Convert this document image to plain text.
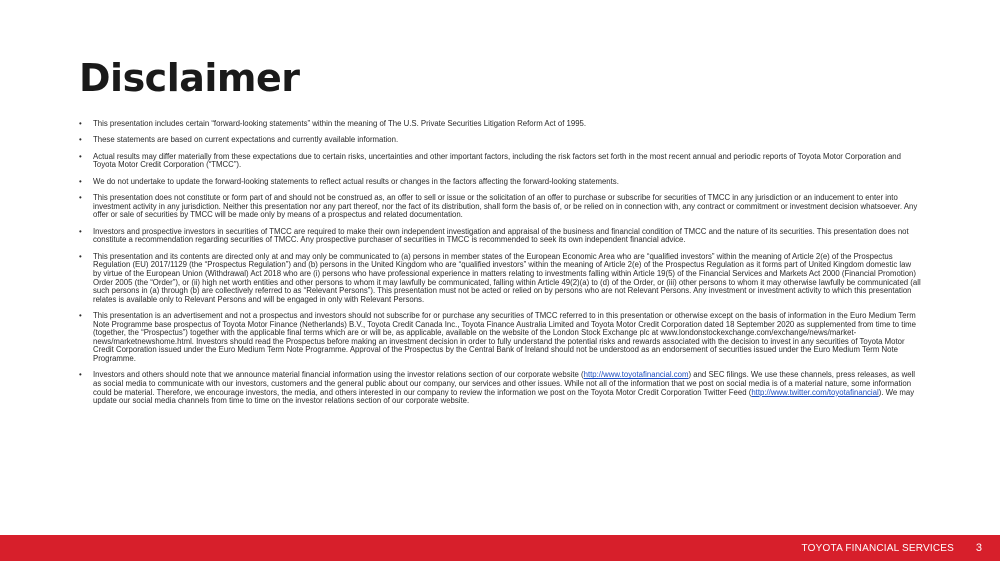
Disclaimer
• This presentation includes certain “forward-looking statements” within the meaning of The U.S. Private Securities Litigation Reform Act of 1995.
• These statements are based on current expectations and currently available information.
• Actual results may differ materially from these expectations due to certain risks, uncertainties and other important factors, including the risk factors set forth in the most recent annual and periodic reports of Toyota Motor Corporation and Toyota Motor Credit Corporation (“TMCC”).
• We do not undertake to update the forward-looking statements to reflect actual results or changes in the factors affecting the forward-looking statements.
• This presentation does not constitute or form part of and should not be construed as, an offer to sell or issue or the solicitation of an offer to purchase or subscribe for securities of TMCC in any jurisdiction or an inducement to enter into investment activity in any jurisdiction. Neither this presentation nor any part thereof, nor the fact of its distribution, shall form the basis of, or be relied on in connection with, any contract or commitment or investment decision whatsoever. Any offer or sale of securities by TMCC will be made only by means of a prospectus and related documentation.
• Investors and prospective investors in securities of TMCC are required to make their own independent investigation and appraisal of the business and financial condition of TMCC and the nature of its securities. This presentation does not constitute a recommendation regarding securities of TMCC. Any prospective purchaser of securities in TMCC is recommended to seek its own independent financial advice.
• This presentation and its contents are directed only at and may only be communicated to (a) persons in member states of the European Economic Area who are “qualified investors” within the meaning of Article 2(e) of the Prospectus Regulation (EU) 2017/1129 (the “Prospectus Regulation”) and (b) persons in the United Kingdom who are “qualified investors” within the meaning of Article 2(e) of the Prospectus Regulation as it forms part of United Kingdom domestic law by virtue of the European Union (Withdrawal) Act 2018 who are (i) persons who have professional experience in matters relating to investments falling within Article 19(5) of the Financial Services and Markets Act 2000 (Financial Promotion) Order 2005 (the “Order”), or (ii) high net worth entities and other persons to whom it may lawfully be communicated, falling within Article 49(2)(a) to (d) of the Order, or (iii) other persons to whom it may otherwise lawfully be communicated (all such persons in (a) through (b) are collectively referred to as “Relevant Persons”). This presentation must not be acted or relied on by persons who are not Relevant Persons. Any investment or investment activity to which this presentation relates is available only to Relevant Persons and will be engaged in only with Relevant Persons.
• This presentation is an advertisement and not a prospectus and investors should not subscribe for or purchase any securities of TMCC referred to in this presentation or otherwise except on the basis of information in the Euro Medium Term Note Programme base prospectus of Toyota Motor Finance (Netherlands) B.V., Toyota Credit Canada Inc., Toyota Finance Australia Limited and Toyota Motor Credit Corporation dated 18 September 2020 as supplemented from time to time (together, the “Prospectus”) together with the applicable final terms which are or will be, as applicable, available on the website of the London Stock Exchange plc at www.londonstockexchange.com/exchange/news/market-news/marketnewshome.html. Investors should read the Prospectus before making an investment decision in order to fully understand the potential risks and rewards associated with the decision to invest in any securities of Toyota Motor Credit Corporation issued under the Euro Medium Term Note Programme. Approval of the Prospectus by the Central Bank of Ireland should not be understood as an endorsement of securities issued under the Euro Medium Term Note Programme.
• Investors and others should note that we announce material financial information using the investor relations section of our corporate website (http://www.toyotafinancial.com) and SEC filings. We use these channels, press releases, as well as social media to communicate with our investors, customers and the general public about our company, our services and other issues. While not all of the information that we post on social media is of a material nature, some information could be material. Therefore, we encourage investors, the media, and others interested in our company to review the information we post on the Toyota Motor Credit Corporation Twitter Feed (http://www.twitter.com/toyotafinancial). We may update our social media channels from time to time on the investor relations section of our corporate website.
TOYOTA FINANCIAL SERVICES 3
